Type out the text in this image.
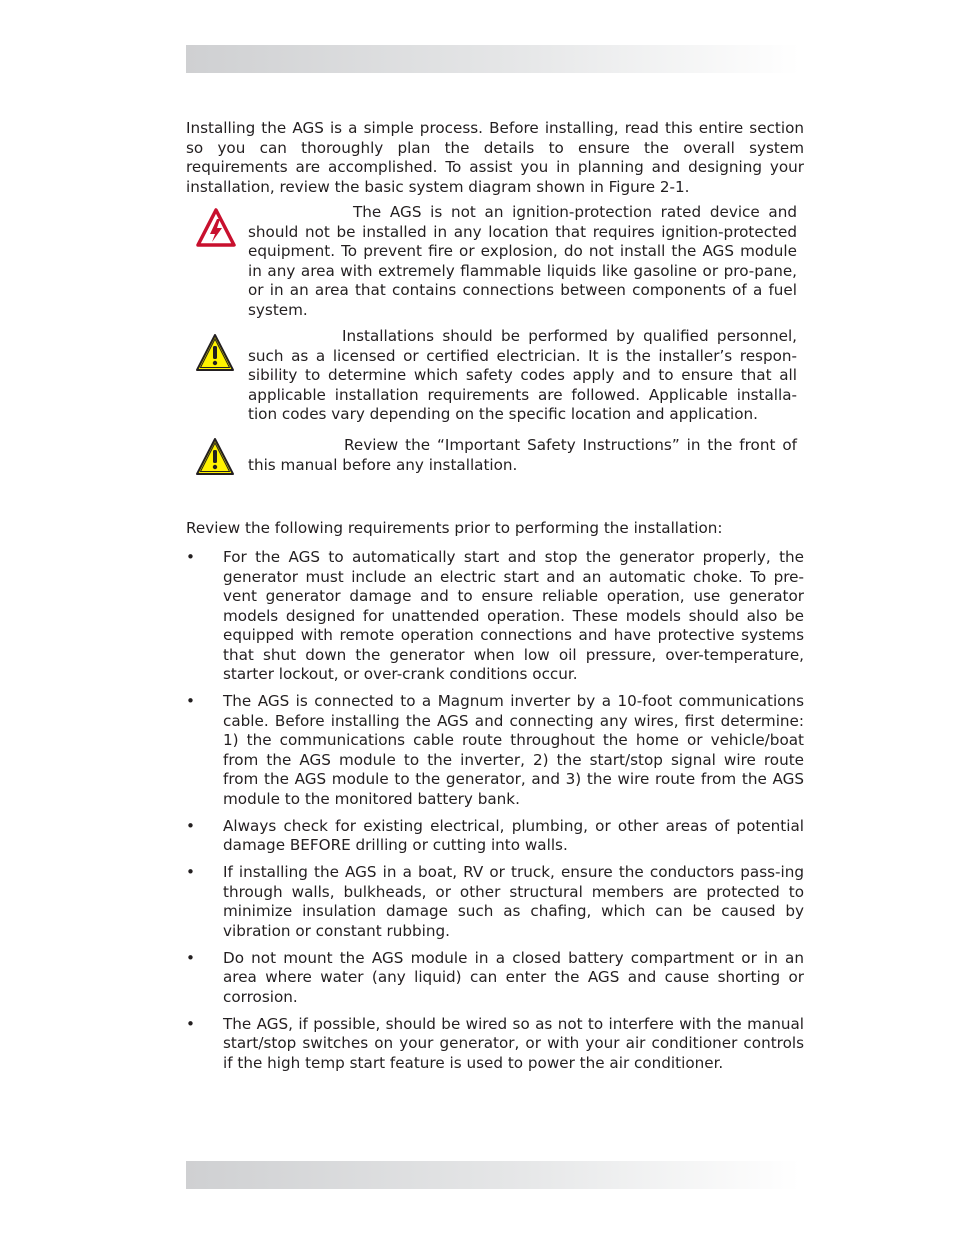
Installing the AGS is a simple process. Before installing, read this entire section so you can thoroughly plan the details to ensure the overall system requirements are accomplished. To assist you in planning and designing your installation, review the basic system diagram shown in Figure 2-1.

The AGS is not an ignition-protection rated device and should not be installed in any location that requires ignition-protected equipment. To prevent fire or explosion, do not install the AGS module in any area with extremely flammable liquids like gasoline or pro-pane, or in an area that contains connections between components of a fuel system.

Installations should be performed by qualified personnel, such as a licensed or certified electrician. It is the installer’s respon-sibility to determine which safety codes apply and to ensure that all applicable installation requirements are followed. Applicable installa-tion codes vary depending on the specific location and application.

Review the “Important Safety Instructions” in the front of this manual before any installation.

Review the following requirements prior to performing the installation:

• For the AGS to automatically start and stop the generator properly, the generator must include an electric start and an automatic choke. To pre-vent generator damage and to ensure reliable operation, use generator models designed for unattended operation. These models should also be equipped with remote operation connections and have protective systems that shut down the generator when low oil pressure, over-temperature, starter lockout, or over-crank conditions occur.
• The AGS is connected to a Magnum inverter by a 10-foot communications cable. Before installing the AGS and connecting any wires, first determine: 1) the communications cable route throughout the home or vehicle/boat from the AGS module to the inverter, 2) the start/stop signal wire route from the AGS module to the generator, and 3) the wire route from the AGS module to the monitored battery bank.
• Always check for existing electrical, plumbing, or other areas of potential damage BEFORE drilling or cutting into walls.
• If installing the AGS in a boat, RV or truck, ensure the conductors pass-ing through walls, bulkheads, or other structural members are protected to minimize insulation damage such as chafing, which can be caused by vibration or constant rubbing.
• Do not mount the AGS module in a closed battery compartment or in an area where water (any liquid) can enter the AGS and cause shorting or corrosion.
• The AGS, if possible, should be wired so as not to interfere with the manual start/stop switches on your generator, or with your air conditioner controls if the high temp start feature is used to power the air conditioner.
